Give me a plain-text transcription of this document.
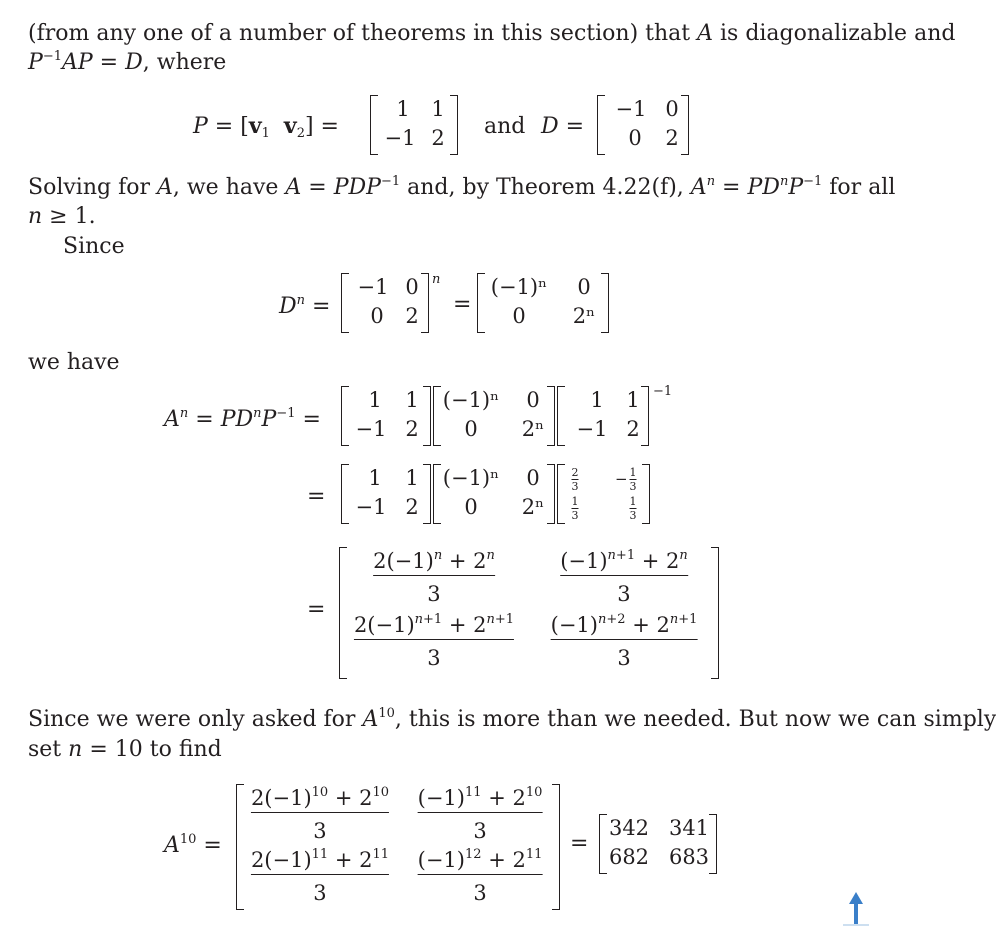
(from any one of a number of theorems in this section) that A is diagonalizable and
$P^{-1}AP = D$, where
$P = [v_1$ $v_2$] =
1 1
−1 2 and D =
−1 0
0 2
Solving for A, we have $A = PDP^{-1}$ and, by Theorem 4.22(f), $A^n = PD^nP^{-1}$ for all
n ≥ 1.
Since
$D^n$ =
−1 0
0 2
n
=
(−1)ⁿ 0
0 2ⁿ
we have
$A^n = PD^nP^{-1}$ =
1 1
−1 2
(−1)ⁿ 0
0 2ⁿ
1 1
−1 2
−1
=
1 1
−1 2
(−1)ⁿ 0
0 2ⁿ
2
3 − 1
3
1
3
1
3
=
$2(-1)^n + 2^n$
3
$(-1)^{n+1} + 2^n$
3
$2(-1)^{n+1} + 2^{n+1}$
3
$(-1)^{n+2} + 2^{n+1}$
3
Since we were only asked for $A^{10}$, this is more than we needed. But now we can simply
set n = 10 to find
$A^{10}$ =
$2(-1)^{10} + 2^{10}$
3
$(-1)^{11} + 2^{10}$
3
$2(-1)^{11} + 2^{11}$
3
$(-1)^{12} + 2^{11}$
3
=
342 341
682 683
